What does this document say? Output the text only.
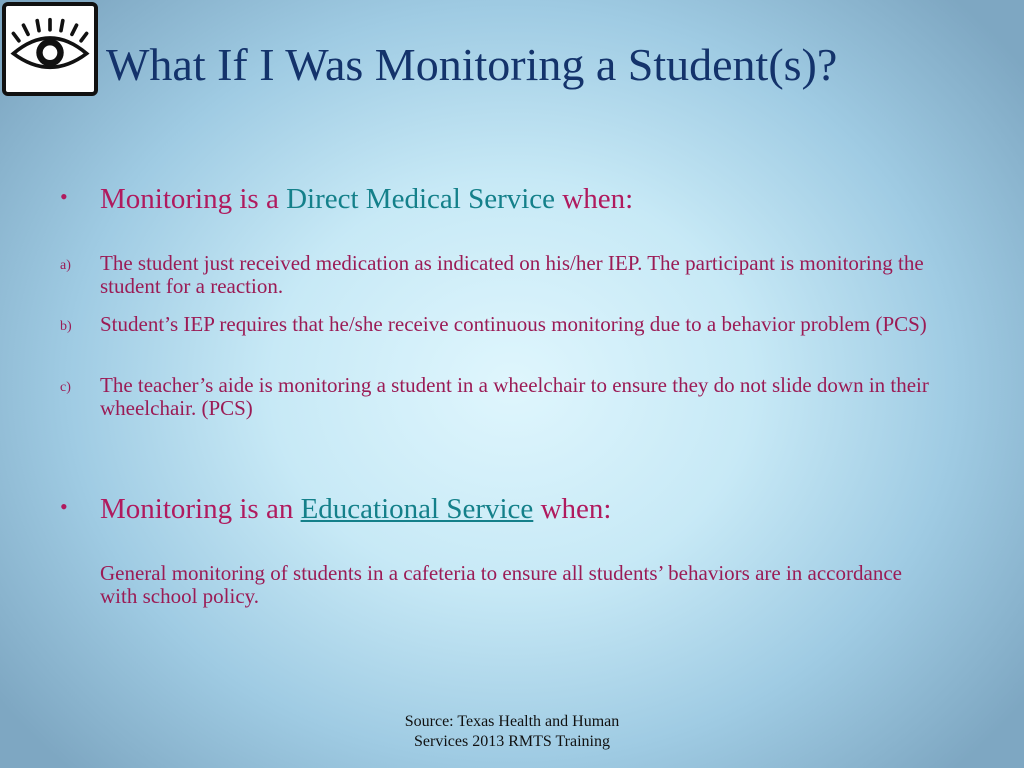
What If I Was Monitoring a Student(s)?
• Monitoring is a Direct Medical Service when:
a) The student just received medication as indicated on his/her IEP. The participant is monitoring the student for a reaction.
b) Student’s IEP requires that he/she receive continuous monitoring due to a behavior problem (PCS)
c) The teacher’s aide is monitoring a student in a wheelchair to ensure they do not slide down in their wheelchair. (PCS)
• Monitoring is an Educational Service when:
General monitoring of students in a cafeteria to ensure all students’ behaviors are in accordance with school policy.
Source: Texas Health and Human
Services 2013 RMTS Training
